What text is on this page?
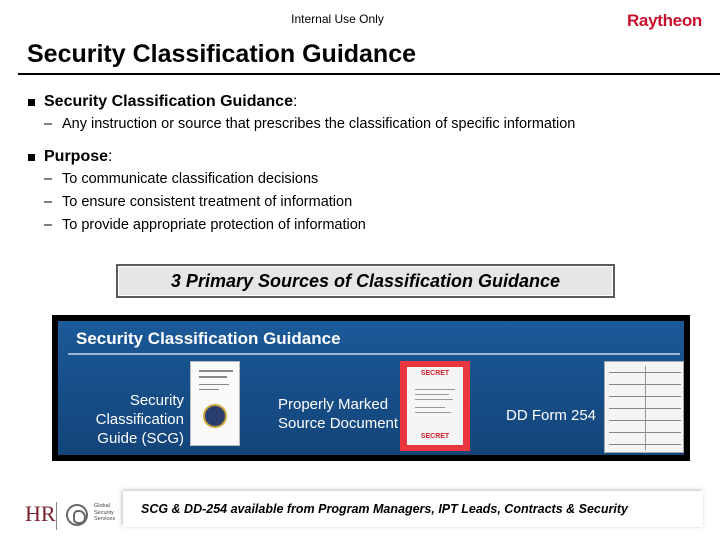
Internal Use Only	Raytheon
Security Classification Guidance
Security Classification Guidance :
– Any instruction or source that prescribes the classification of specific information
Purpose :
– To communicate classification decisions
– To ensure consistent treatment of information
– To provide appropriate protection of information
3 Primary Sources of Classification Guidance
Security Classification Guidance
Security
Classification
Guide (SCG)
Properly Marked
Source Document
SECRET
SECRET
DD Form 254
HR	Global
Security
Services
SCG & DD-254 available from Program Managers, IPT Leads, Contracts & Security
